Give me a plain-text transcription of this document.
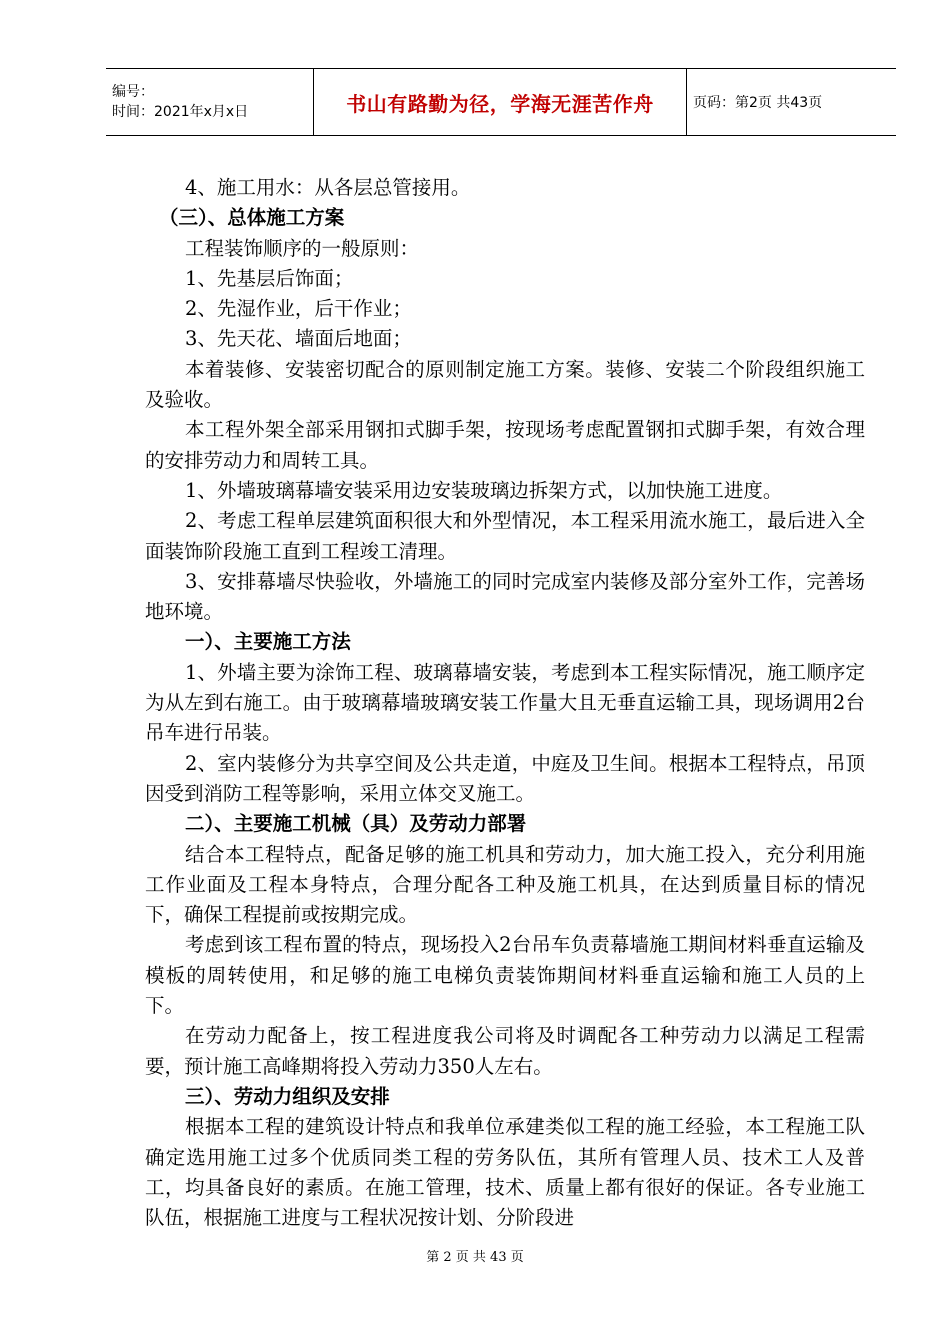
编号：
时间：2021年x月x日	书山有路勤为径，学海无涯苦作舟	页码：第2页 共43页

4、施工用水：从各层总管接用。

（三）、总体施工方案

工程装饰顺序的一般原则：

1、先基层后饰面；

2、先湿作业，后干作业；

3、先天花、墙面后地面；

本着装修、安装密切配合的原则制定施工方案。装修、安装二个阶段组织施工及验收。

本工程外架全部采用钢扣式脚手架，按现场考虑配置钢扣式脚手架，有效合理的安排劳动力和周转工具。

1、外墙玻璃幕墙安装采用边安装玻璃边拆架方式，以加快施工进度。

2、考虑工程单层建筑面积很大和外型情况，本工程采用流水施工，最后进入全面装饰阶段施工直到工程竣工清理。

3、安排幕墙尽快验收，外墙施工的同时完成室内装修及部分室外工作，完善场地环境。

一）、主要施工方法

1、外墙主要为涂饰工程、玻璃幕墙安装，考虑到本工程实际情况，施工顺序定为从左到右施工。由于玻璃幕墙玻璃安装工作量大且无垂直运输工具，现场调用2台吊车进行吊装。

2、室内装修分为共享空间及公共走道，中庭及卫生间。根据本工程特点，吊顶因受到消防工程等影响，采用立体交叉施工。

二）、主要施工机械（具）及劳动力部署

结合本工程特点，配备足够的施工机具和劳动力，加大施工投入，充分利用施工作业面及工程本身特点，合理分配各工种及施工机具，在达到质量目标的情况下，确保工程提前或按期完成。

考虑到该工程布置的特点，现场投入2台吊车负责幕墙施工期间材料垂直运输及模板的周转使用，和足够的施工电梯负责装饰期间材料垂直运输和施工人员的上下。

在劳动力配备上，按工程进度我公司将及时调配各工种劳动力以满足工程需要，预计施工高峰期将投入劳动力350人左右。

三）、劳动力组织及安排

根据本工程的建筑设计特点和我单位承建类似工程的施工经验，本工程施工队确定选用施工过多个优质同类工程的劳务队伍，其所有管理人员、技术工人及普工，均具备良好的素质。在施工管理，技术、质量上都有很好的保证。各专业施工队伍，根据施工进度与工程状况按计划、分阶段进

第 2 页 共 43 页
